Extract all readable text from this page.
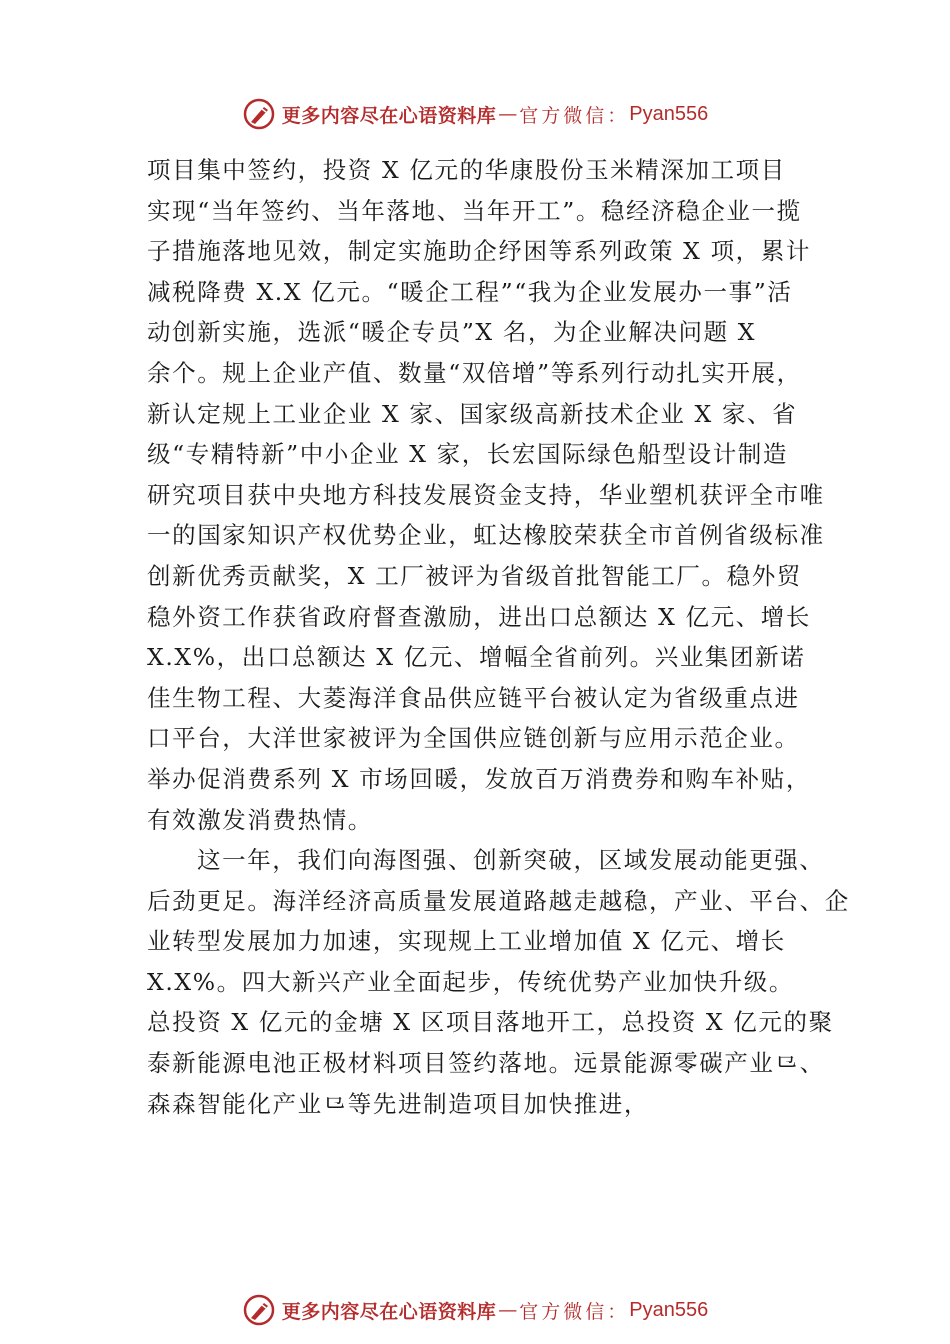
更多内容尽在心语资料库 — 官方微信： Pyan556
项目集中签约，投资 X 亿元的华康股份玉米精深加工项目
实现“当年签约、当年落地、当年开工”。稳经济稳企业一揽
子措施落地见效，制定实施助企纾困等系列政策 X 项，累计
减税降费 X.X 亿元。“暖企工程”“我为企业发展办一事”活
动创新实施，选派“暖企专员”X 名，为企业解决问题 X
余个。规上企业产值、数量“双倍增”等系列行动扎实开展，
新认定规上工业企业 X 家、国家级高新技术企业 X 家、省
级“专精特新”中小企业 X 家，长宏国际绿色船型设计制造
研究项目获中央地方科技发展资金支持，华业塑机获评全市唯
一的国家知识产权优势企业，虹达橡胶荣获全市首例省级标准
创新优秀贡献奖，X 工厂被评为省级首批智能工厂。稳外贸
稳外资工作获省政府督查激励，进出口总额达 X 亿元、增长
X.X%，出口总额达 X 亿元、增幅全省前列。兴业集团新诺
佳生物工程、大菱海洋食品供应链平台被认定为省级重点进
口平台，大洋世家被评为全国供应链创新与应用示范企业。
举办促消费系列 X 市场回暖，发放百万消费券和购车补贴，
有效激发消费热情。
这一年，我们向海图强、创新突破，区域发展动能更强、
后劲更足。海洋经济高质量发展道路越走越稳，产业、平台、企
业转型发展加力加速，实现规上工业增加值 X 亿元、增长
X.X%。四大新兴产业全面起步，传统优势产业加快升级。
总投资 X 亿元的金塘 X 区项目落地开工，总投资 X 亿元的聚
泰新能源电池正极材料项目签约落地。远景能源零碳产业⺋、
森森智能化产业⺋等先进制造项目加快推进，
更多内容尽在心语资料库 — 官方微信： Pyan556
